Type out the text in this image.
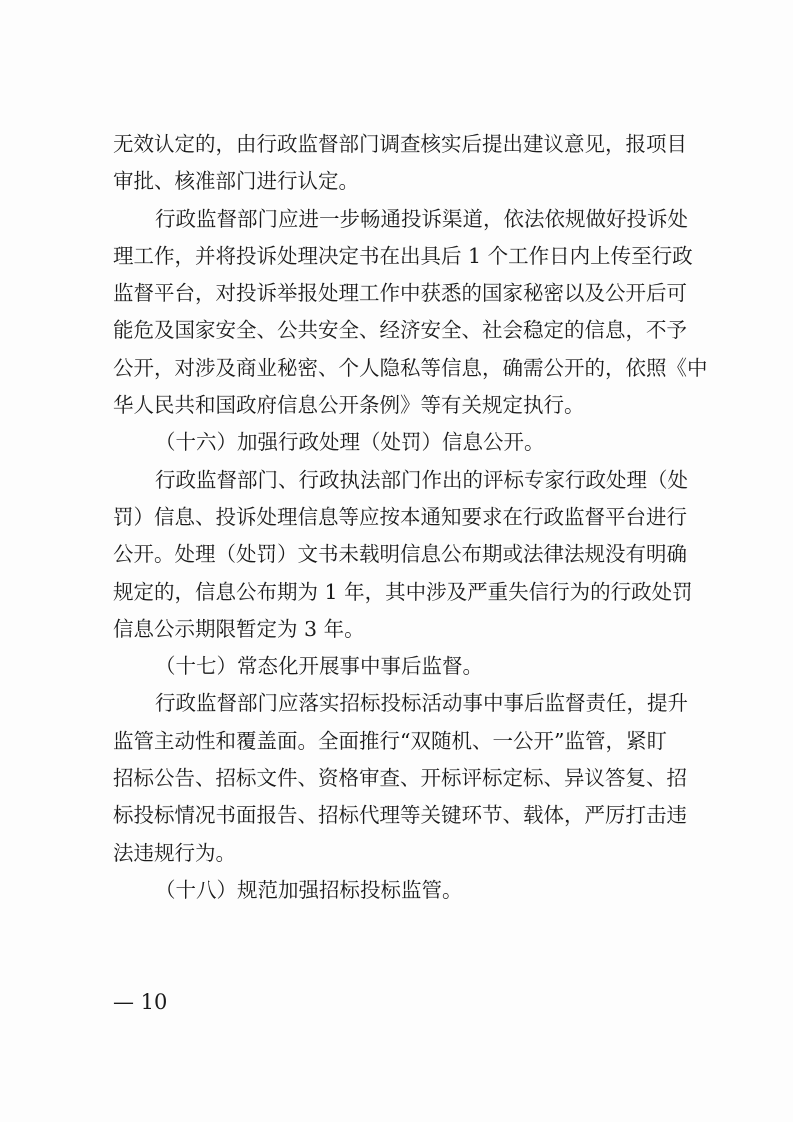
无效认定的，由行政监督部门调查核实后提出建议意见，报项目
审批、核准部门进行认定。
行政监督部门应进一步畅通投诉渠道，依法依规做好投诉处
理工作，并将投诉处理决定书在出具后 1 个工作日内上传至行政
监督平台，对投诉举报处理工作中获悉的国家秘密以及公开后可
能危及国家安全、公共安全、经济安全、社会稳定的信息，不予
公开，对涉及商业秘密、个人隐私等信息，确需公开的，依照《中
华人民共和国政府信息公开条例》等有关规定执行。
（十六）加强行政处理（处罚）信息公开。
行政监督部门、行政执法部门作出的评标专家行政处理（处
罚）信息、投诉处理信息等应按本通知要求在行政监督平台进行
公开。处理（处罚）文书未载明信息公布期或法律法规没有明确
规定的，信息公布期为 1 年，其中涉及严重失信行为的行政处罚
信息公示期限暂定为 3 年。
（十七）常态化开展事中事后监督。
行政监督部门应落实招标投标活动事中事后监督责任，提升
监管主动性和覆盖面。全面推行“双随机、一公开”监管，紧盯
招标公告、招标文件、资格审查、开标评标定标、异议答复、招
标投标情况书面报告、招标代理等关键环节、载体，严厉打击违
法违规行为。
（十八）规范加强招标投标监管。
— 10
